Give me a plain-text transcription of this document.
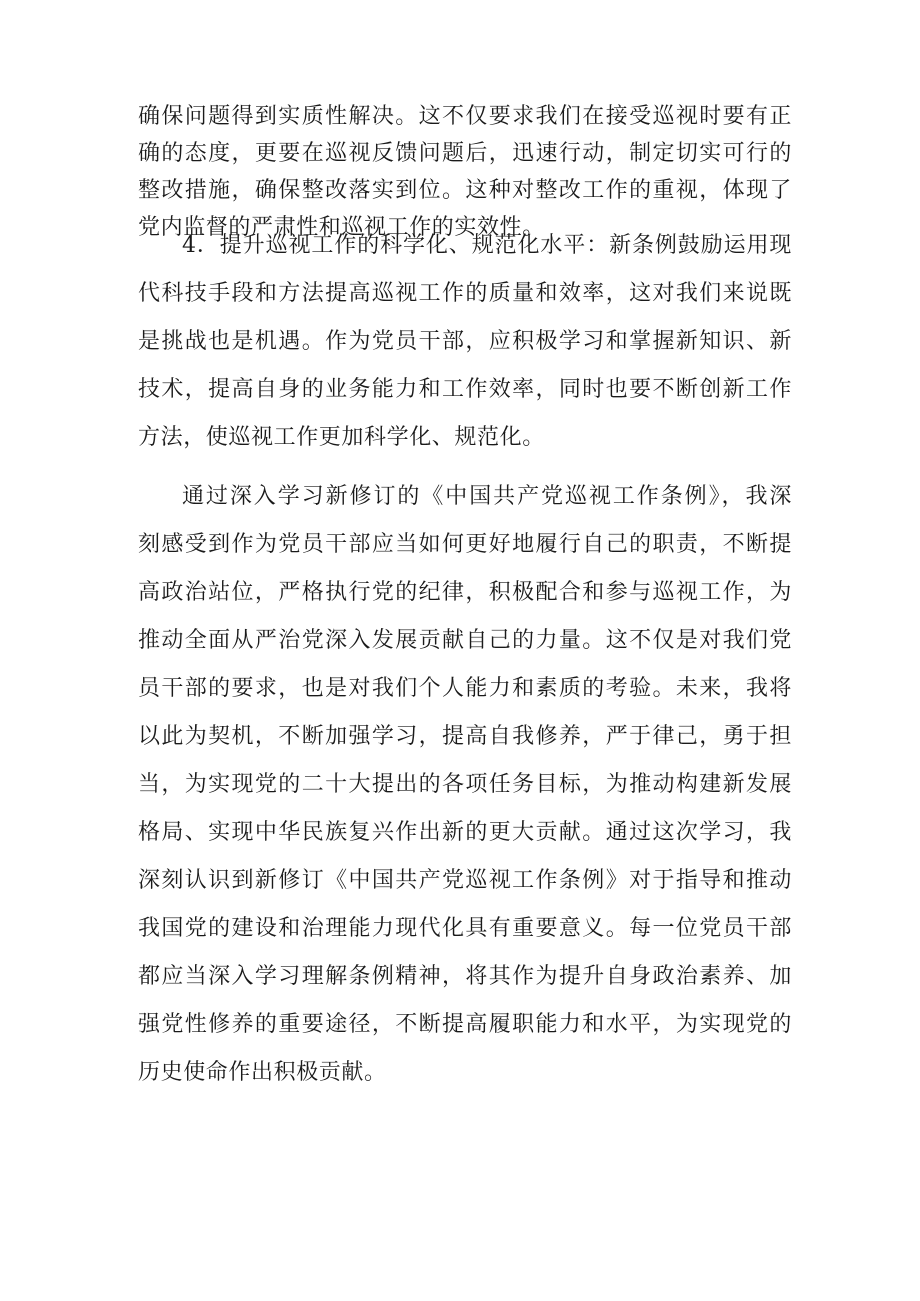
确保问题得到实质性解决。这不仅要求我们在接受巡视时要有正
确的态度，更要在巡视反馈问题后，迅速行动，制定切实可行的
整改措施，确保整改落实到位。这种对整改工作的重视，体现了
党内监督的严肃性和巡视工作的实效性。
4．提升巡视工作的科学化、规范化水平：新条例鼓励运用现
代科技手段和方法提高巡视工作的质量和效率，这对我们来说既
是挑战也是机遇。作为党员干部，应积极学习和掌握新知识、新
技术，提高自身的业务能力和工作效率，同时也要不断创新工作
方法，使巡视工作更加科学化、规范化。
通过深入学习新修订的《中国共产党巡视工作条例》，我深
刻感受到作为党员干部应当如何更好地履行自己的职责，不断提
高政治站位，严格执行党的纪律，积极配合和参与巡视工作，为
推动全面从严治党深入发展贡献自己的力量。这不仅是对我们党
员干部的要求，也是对我们个人能力和素质的考验。未来，我将
以此为契机，不断加强学习，提高自我修养，严于律己，勇于担
当，为实现党的二十大提出的各项任务目标，为推动构建新发展
格局、实现中华民族复兴作出新的更大贡献。通过这次学习，我
深刻认识到新修订《中国共产党巡视工作条例》对于指导和推动
我国党的建设和治理能力现代化具有重要意义。每一位党员干部
都应当深入学习理解条例精神，将其作为提升自身政治素养、加
强党性修养的重要途径，不断提高履职能力和水平，为实现党的
历史使命作出积极贡献。
